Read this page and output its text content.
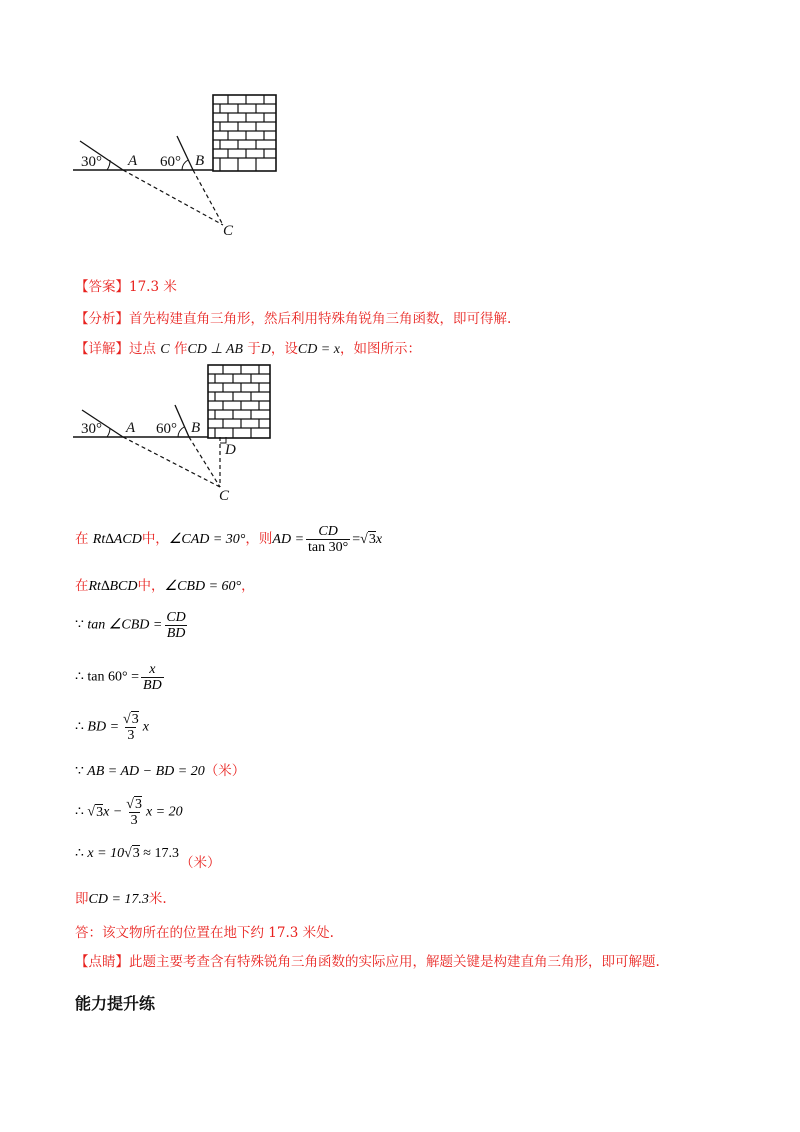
30° A 60° B
C
【答案】17.3 米
【分析】首先构建直角三角形，然后利用特殊角锐角三角函数，即可得解.
【详解】过点 C 作CD ⊥ AB 于D，设CD = x，如图所示：
30° A 60° B
D
C
在 Rt∆ACD中，∠CAD = 30°，则AD = $\frac{CD}{\tan 30^\circ} =√3x$
在Rt∆BCD中，∠CBD = 60°，
∵ tan ∠CBD = $\frac{CD}{BD}$
∴ $\tan 60^\circ = \frac{x}{BD}$
∴ BD = $\frac{√3}{3}$ x
∵ AB = AD − BD = 20（米）
∴ $√3x - \frac{√3}{3}$ x = 20
∴ x = 10√3 ≈ 17.3
（米）
即CD = 17.3米.
答：该文物所在的位置在地下约 17.3 米处.
【点睛】此题主要考查含有特殊锐角三角函数的实际应用，解题关键是构建直角三角形，即可解题.
能力提升练
